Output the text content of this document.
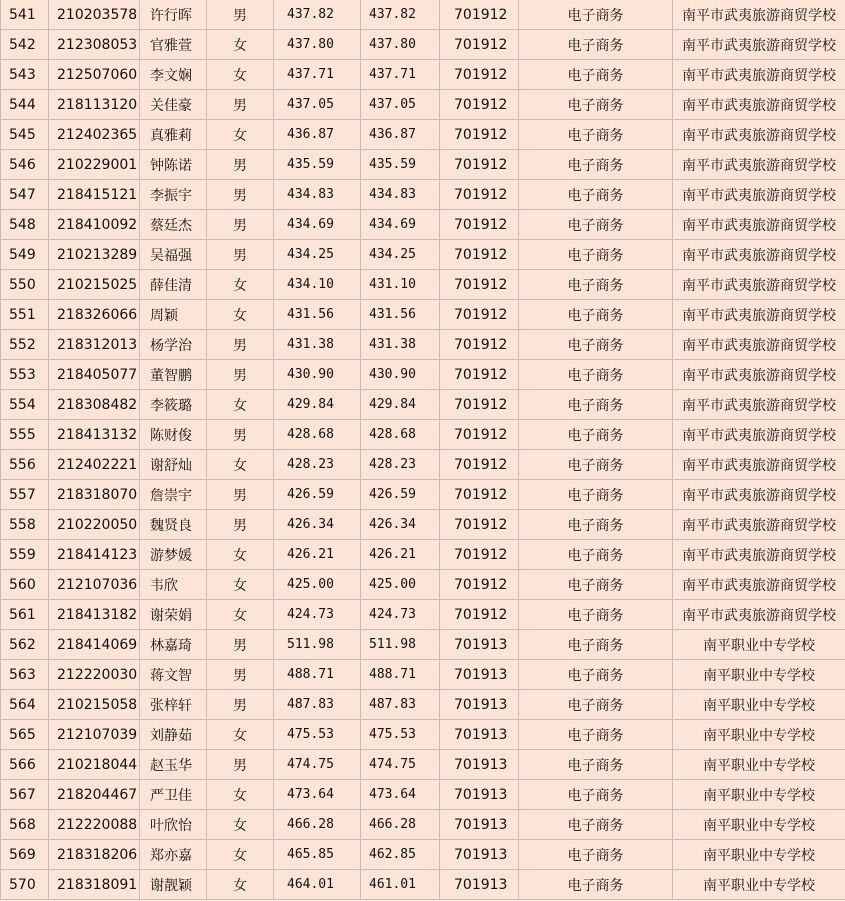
541	210203578	许行晖	男	437.82	437.82	701912	电子商务	南平市武夷旅游商贸学校
542	212308053	官雅萱	女	437.80	437.80	701912	电子商务	南平市武夷旅游商贸学校
543	212507060	李文娴	女	437.71	437.71	701912	电子商务	南平市武夷旅游商贸学校
544	218113120	关佳豪	男	437.05	437.05	701912	电子商务	南平市武夷旅游商贸学校
545	212402365	真雅莉	女	436.87	436.87	701912	电子商务	南平市武夷旅游商贸学校
546	210229001	钟陈诺	男	435.59	435.59	701912	电子商务	南平市武夷旅游商贸学校
547	218415121	李振宇	男	434.83	434.83	701912	电子商务	南平市武夷旅游商贸学校
548	218410092	蔡廷杰	男	434.69	434.69	701912	电子商务	南平市武夷旅游商贸学校
549	210213289	吴福强	男	434.25	434.25	701912	电子商务	南平市武夷旅游商贸学校
550	210215025	薛佳清	女	434.10	431.10	701912	电子商务	南平市武夷旅游商贸学校
551	218326066	周颖	女	431.56	431.56	701912	电子商务	南平市武夷旅游商贸学校
552	218312013	杨学治	男	431.38	431.38	701912	电子商务	南平市武夷旅游商贸学校
553	218405077	董智鹏	男	430.90	430.90	701912	电子商务	南平市武夷旅游商贸学校
554	218308482	李筱璐	女	429.84	429.84	701912	电子商务	南平市武夷旅游商贸学校
555	218413132	陈财俊	男	428.68	428.68	701912	电子商务	南平市武夷旅游商贸学校
556	212402221	谢舒灿	女	428.23	428.23	701912	电子商务	南平市武夷旅游商贸学校
557	218318070	詹崇宇	男	426.59	426.59	701912	电子商务	南平市武夷旅游商贸学校
558	210220050	魏贤良	男	426.34	426.34	701912	电子商务	南平市武夷旅游商贸学校
559	218414123	游梦媛	女	426.21	426.21	701912	电子商务	南平市武夷旅游商贸学校
560	212107036	韦欣	女	425.00	425.00	701912	电子商务	南平市武夷旅游商贸学校
561	218413182	谢荣娟	女	424.73	424.73	701912	电子商务	南平市武夷旅游商贸学校
562	218414069	林嘉琦	男	511.98	511.98	701913	电子商务	南平职业中专学校
563	212220030	蒋文智	男	488.71	488.71	701913	电子商务	南平职业中专学校
564	210215058	张梓轩	男	487.83	487.83	701913	电子商务	南平职业中专学校
565	212107039	刘静茹	女	475.53	475.53	701913	电子商务	南平职业中专学校
566	210218044	赵玉华	男	474.75	474.75	701913	电子商务	南平职业中专学校
567	218204467	严卫佳	女	473.64	473.64	701913	电子商务	南平职业中专学校
568	212220088	叶欣怡	女	466.28	466.28	701913	电子商务	南平职业中专学校
569	218318206	郑亦嘉	女	465.85	462.85	701913	电子商务	南平职业中专学校
570	218318091	谢靓颖	女	464.01	461.01	701913	电子商务	南平职业中专学校
